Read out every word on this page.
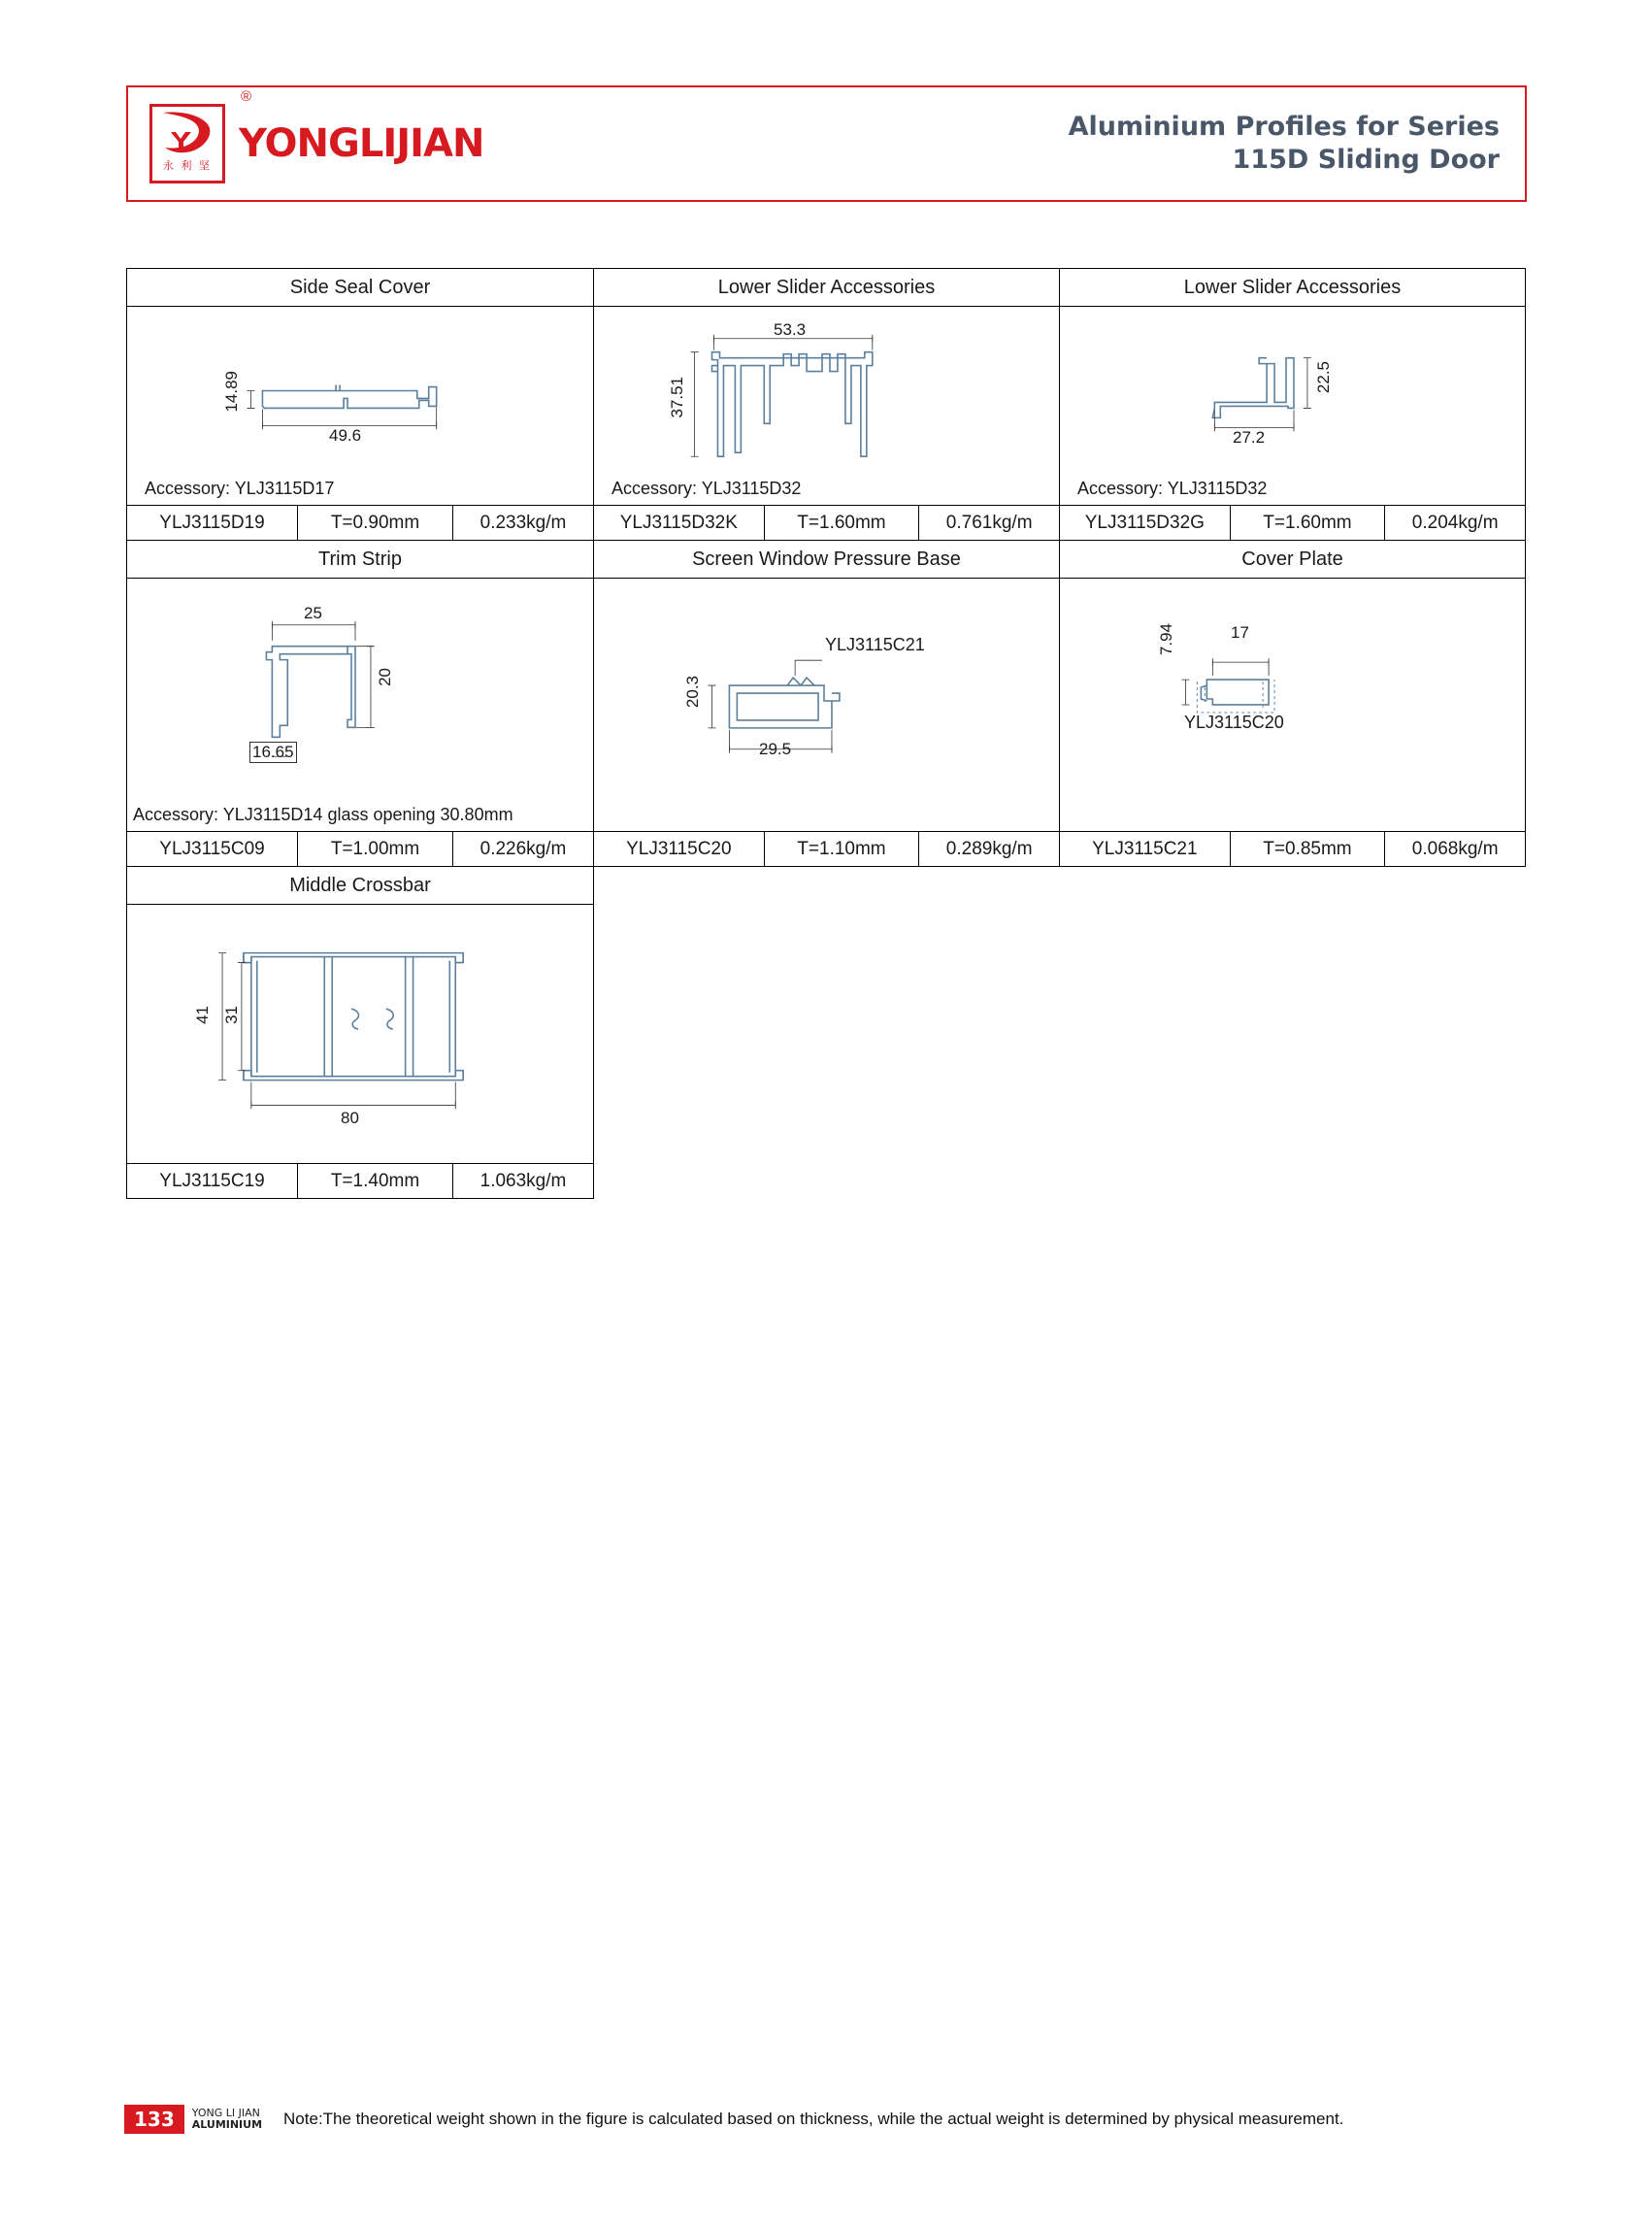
永 利 坚
®
YONGLIJIAN	Aluminium Profiles for Series
115D Sliding Door
Side Seal Cover
14.89
49.6
Accessory: YLJ3115D17
YLJ3115D19	T=0.90mm	0.233kg/m
Lower Slider Accessories
53.3
37.51
Accessory: YLJ3115D32
YLJ3115D32K	T=1.60mm	0.761kg/m
Lower Slider Accessories
22.5
27.2
Accessory: YLJ3115D32
YLJ3115D32G	T=1.60mm	0.204kg/m
Trim Strip
25
20
16.65
Accessory: YLJ3115D14 glass opening 30.80mm
YLJ3115C09	T=1.00mm	0.226kg/m
Screen Window Pressure Base
YLJ3115C21
20.3
29.5
YLJ3115C20	T=1.10mm	0.289kg/m
Cover Plate
7.94	17
YLJ3115C20
YLJ3115C21	T=0.85mm	0.068kg/m
Middle Crossbar
41 31
80
YLJ3115C19	T=1.40mm	1.063kg/m
133	YONG LI JIAN
ALUMINIUM Note:The theoretical weight shown in the figure is calculated based on thickness, while the actual weight is determined by physical measurement.
